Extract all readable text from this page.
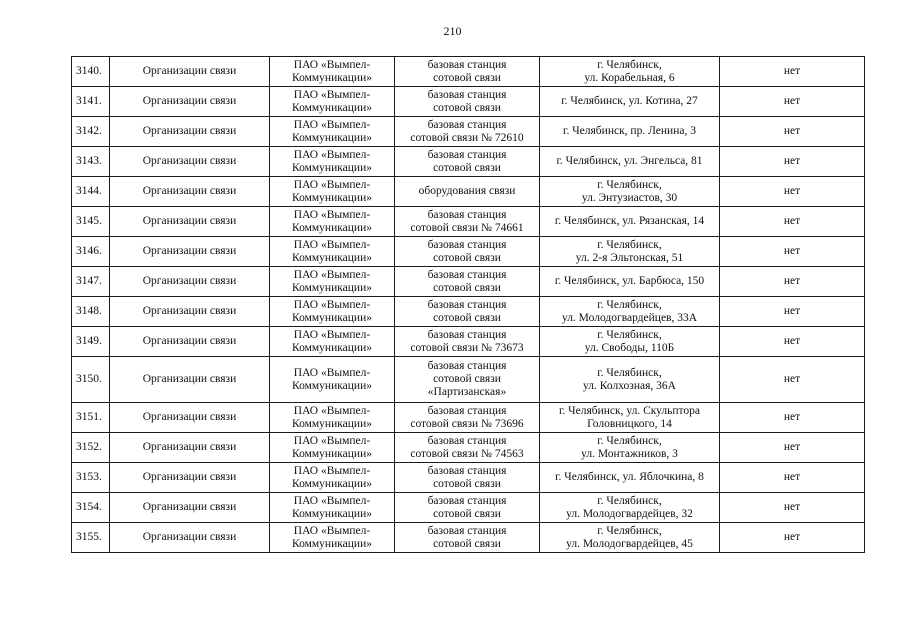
210
3140.	Организации связи	ПАО «Вымпел-
Коммуникации»	базовая станция
сотовой связи	г. Челябинск,
ул. Корабельная, 6	нет
3141.	Организации связи	ПАО «Вымпел-
Коммуникации»	базовая станция
сотовой связи	г. Челябинск, ул. Котина, 27	нет
3142.	Организации связи	ПАО «Вымпел-
Коммуникации»	базовая станция
сотовой связи № 72610	г. Челябинск, пр. Ленина, 3	нет
3143.	Организации связи	ПАО «Вымпел-
Коммуникации»	базовая станция
сотовой связи	г. Челябинск, ул. Энгельса, 81	нет
3144.	Организации связи	ПАО «Вымпел-
Коммуникации»	оборудования связи	г. Челябинск,
ул. Энтузиастов, 30	нет
3145.	Организации связи	ПАО «Вымпел-
Коммуникации»	базовая станция
сотовой связи № 74661	г. Челябинск, ул. Рязанская, 14	нет
3146.	Организации связи	ПАО «Вымпел-
Коммуникации»	базовая станция
сотовой связи	г. Челябинск,
ул. 2-я Эльтонская, 51	нет
3147.	Организации связи	ПАО «Вымпел-
Коммуникации»	базовая станция
сотовой связи	г. Челябинск, ул. Барбюса, 150	нет
3148.	Организации связи	ПАО «Вымпел-
Коммуникации»	базовая станция
сотовой связи	г. Челябинск,
ул. Молодогвардейцев, 33А	нет
3149.	Организации связи	ПАО «Вымпел-
Коммуникации»	базовая станция
сотовой связи № 73673	г. Челябинск,
ул. Свободы, 110Б	нет
3150.	Организации связи	ПАО «Вымпел-
Коммуникации»	базовая станция
сотовой связи
«Партизанская»	г. Челябинск,
ул. Колхозная, 36А	нет
3151.	Организации связи	ПАО «Вымпел-
Коммуникации»	базовая станция
сотовой связи № 73696	г. Челябинск, ул. Скульптора
Головницкого, 14	нет
3152.	Организации связи	ПАО «Вымпел-
Коммуникации»	базовая станция
сотовой связи № 74563	г. Челябинск,
ул. Монтажников, 3	нет
3153.	Организации связи	ПАО «Вымпел-
Коммуникации»	базовая станция
сотовой связи	г. Челябинск, ул. Яблочкина, 8	нет
3154.	Организации связи	ПАО «Вымпел-
Коммуникации»	базовая станция
сотовой связи	г. Челябинск,
ул. Молодогвардейцев, 32	нет
3155.	Организации связи	ПАО «Вымпел-
Коммуникации»	базовая станция
сотовой связи	г. Челябинск,
ул. Молодогвардейцев, 45	нет
